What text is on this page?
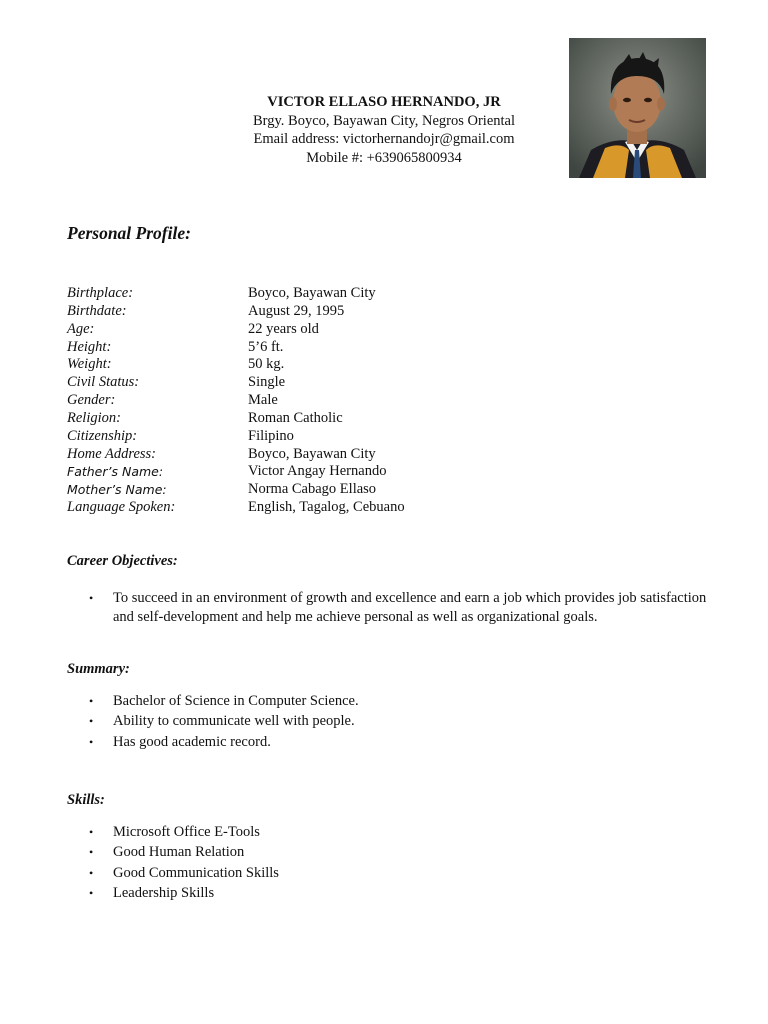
VICTOR ELLASO HERNANDO, JR
Brgy. Boyco, Bayawan City, Negros Oriental
Email address: victorhernandojr@gmail.com
Mobile #: +639065800934
Personal Profile:
Birthplace:	Boyco, Bayawan City
Birthdate:	August 29, 1995
Age:	22 years old
Height:	5’6 ft.
Weight:	50 kg.
Civil Status:	Single
Gender:	Male
Religion:	Roman Catholic
Citizenship:	Filipino
Home Address:	Boyco, Bayawan City
Father’s Name:	Victor Angay Hernando
Mother’s Name:	Norma Cabago Ellaso
Language Spoken:	English, Tagalog, Cebuano
Career Objectives:
• To succeed in an environment of growth and excellence and earn a job which provides job satisfaction and self-development and help me achieve personal as well as organizational goals.
Summary:
• Bachelor of Science in Computer Science.
• Ability to communicate well with people.
• Has good academic record.
Skills:
• Microsoft Office E-Tools
• Good Human Relation
• Good Communication Skills
• Leadership Skills
